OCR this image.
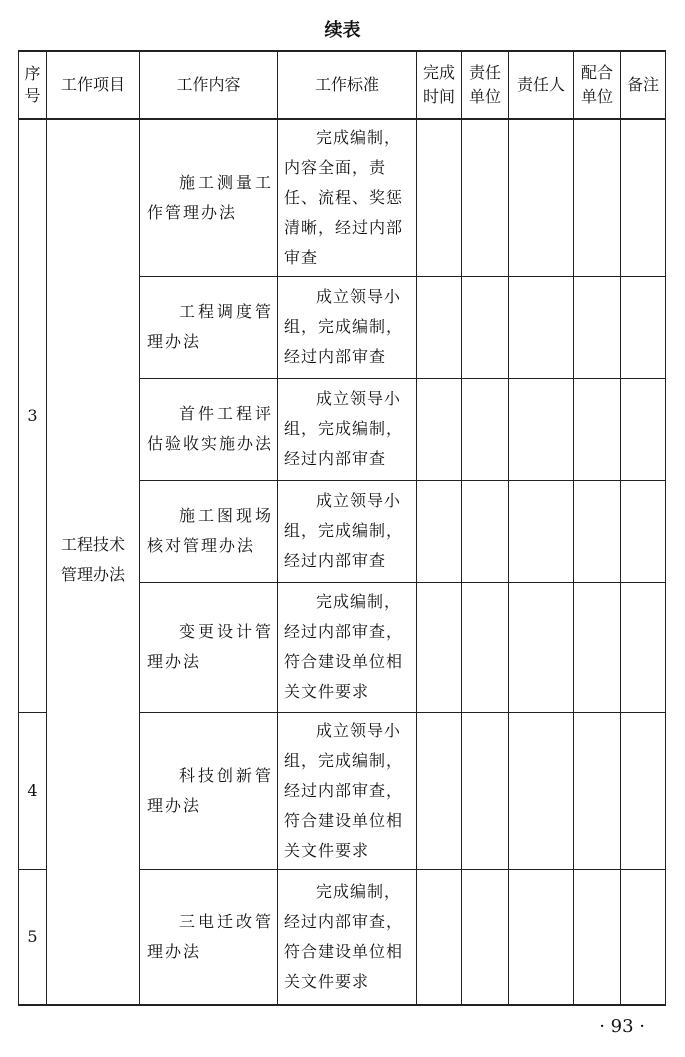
续表
序号	工作项目	工作内容	工作标准	完成时间	责任单位	责任人	配合单位	备注
3	工程技术管理办法	施工测量工作管理办法	完成编制，内容全面，责任、流程、奖惩清晰，经过内部审查					

		工程调度管理办法	成立领导小组，完成编制，经过内部审查					

		首件工程评估验收实施办法	成立领导小组，完成编制，经过内部审查					

		施工图现场核对管理办法	成立领导小组，完成编制，经过内部审查					

		变更设计管理办法	完成编制，经过内部审查，符合建设单位相关文件要求					

4		科技创新管理办法	成立领导小组，完成编制，经过内部审查，符合建设单位相关文件要求					

5		三电迁改管理办法	完成编制，经过内部审查，符合建设单位相关文件要求					

· 93 ·
